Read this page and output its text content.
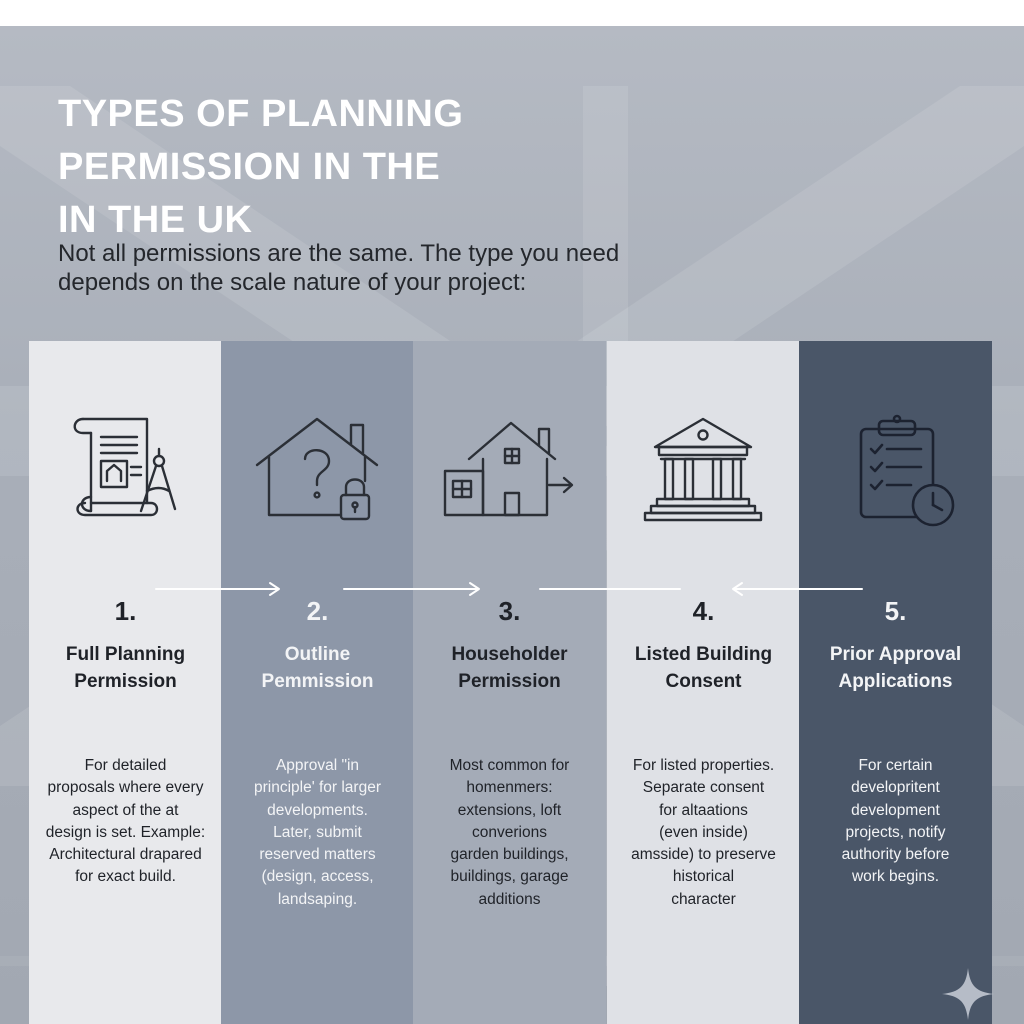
TYPES OF PLANNING
PERMISSION IN THE
IN THE UK

Not all permissions are the same. The type you need
depends on the scale nature of your project:

1.
Full Planning
Permission
For detailed
proposals where every
aspect of the at
design is set. Example:
Architectural drapared
for exact build.
2.
Outline
Pemmission
Approval "in
principle' for larger
developments.
Later, submit
reserved matters
(design, access,
landsaping.
3.
Householder
Permission
Most common for
homenmers:
extensions, loft
converions
garden buildings,
buildings, garage
additions
4.
Listed Building
Consent
For listed properties.
Separate consent
for altaations
(even inside)
amsside) to preserve
historical
character
5.
Prior Approval
Applications
For certain
developritent
development
projects, notify
authority before
work begins.
